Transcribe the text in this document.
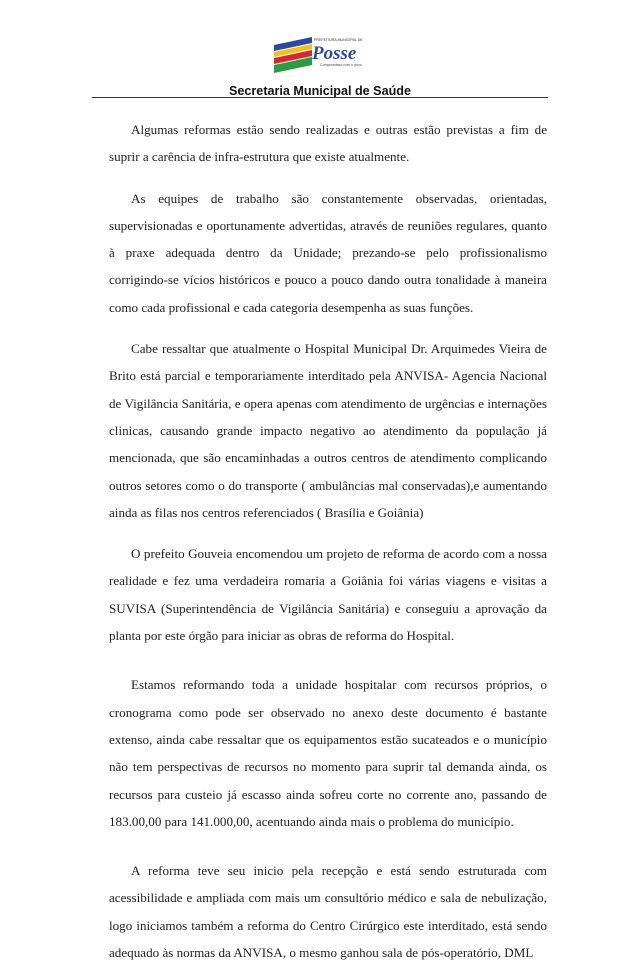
PREFEITURA MUNICIPAL DE
Posse
Compromisso com o povo
Secretaria Municipal de Saúde

Algumas reformas estão sendo realizadas e outras estão previstas a fim de suprir a carência de infra-estrutura que existe atualmente.

As equipes de trabalho são constantemente observadas, orientadas, supervisionadas e oportunamente advertidas, através de reuniões regulares, quanto à praxe adequada dentro da Unidade; prezando-se pelo profissionalismo corrigindo-se vícios históricos e pouco a pouco dando outra tonalidade à maneira como cada profissional e cada categoria desempenha as suas funções.

Cabe ressaltar que atualmente o Hospital Municipal Dr. Arquimedes Vieira de Brito está parcial e temporariamente interditado pela ANVISA- Agencia Nacional de Vigilância Sanitária, e opera apenas com atendimento de urgências e internações clinicas, causando grande impacto negativo ao atendimento da população já mencionada, que são encaminhadas a outros centros de atendimento complicando outros setores como o do transporte ( ambulâncias mal conservadas),e aumentando ainda as filas nos centros referenciados ( Brasília e Goiânia)

O prefeito Gouveia encomendou um projeto de reforma de acordo com a nossa realidade e fez uma verdadeira romaria a Goiânia foi várias viagens e visitas a SUVISA (Superintendência de Vigilância Sanitária) e conseguiu a aprovação da planta por este órgão para iniciar as obras de reforma do Hospital.

Estamos reformando toda a unidade hospitalar com recursos próprios, o cronograma como pode ser observado no anexo deste documento é bastante extenso, ainda cabe ressaltar que os equipamentos estão sucateados e o município não tem perspectivas de recursos no momento para suprir tal demanda ainda, os recursos para custeio já escasso ainda sofreu corte no corrente ano, passando de 183.00,00 para 141.000,00, acentuando ainda mais o problema do município.

A reforma teve seu inicio pela recepção e está sendo estruturada com acessibilidade e ampliada com mais um consultório médico e sala de nebulização, logo iniciamos também a reforma do Centro Cirúrgico este interditado, está sendo adequado às normas da ANVISA, o mesmo ganhou sala de pós-operatório, DML
